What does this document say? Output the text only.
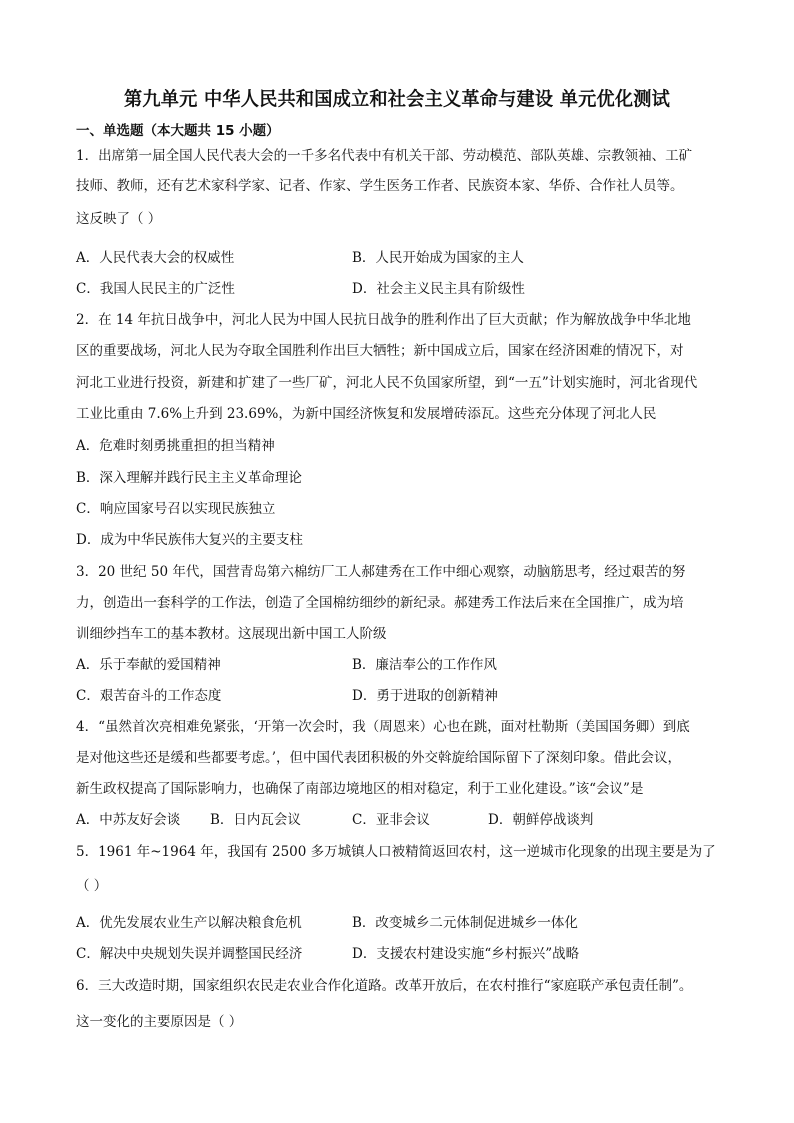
第九单元 中华人民共和国成立和社会主义革命与建设 单元优化测试
一、单选题（本大题共 15 小题）
1．出席第一届全国人民代表大会的一千多名代表中有机关干部、劳动模范、部队英雄、宗教领袖、工矿
技师、教师，还有艺术家科学家、记者、作家、学生医务工作者、民族资本家、华侨、合作社人员等。
这反映了（ ）
A．人民代表大会的权威性	B．人民开始成为国家的主人
C．我国人民民主的广泛性	D．社会主义民主具有阶级性
2．在 14 年抗日战争中，河北人民为中国人民抗日战争的胜利作出了巨大贡献；作为解放战争中华北地
区的重要战场，河北人民为夺取全国胜利作出巨大牺牲；新中国成立后，国家在经济困难的情况下，对
河北工业进行投资，新建和扩建了一些厂矿，河北人民不负国家所望，到“一五”计划实施时，河北省现代
工业比重由 7.6%上升到 23.69%，为新中国经济恢复和发展增砖添瓦。这些充分体现了河北人民
A．危难时刻勇挑重担的担当精神
B．深入理解并践行民主主义革命理论
C．响应国家号召以实现民族独立
D．成为中华民族伟大复兴的主要支柱
3．20 世纪 50 年代，国营青岛第六棉纺厂工人郝建秀在工作中细心观察，动脑筋思考，经过艰苦的努
力，创造出一套科学的工作法，创造了全国棉纺细纱的新纪录。郝建秀工作法后来在全国推广，成为培
训细纱挡车工的基本教材。这展现出新中国工人阶级
A．乐于奉献的爱国精神	B．廉洁奉公的工作作风
C．艰苦奋斗的工作态度	D．勇于进取的创新精神
4．“虽然首次亮相难免紧张，‘开第一次会时，我（周恩来）心也在跳，面对杜勒斯（美国国务卿）到底
是对他这些还是缓和些都要考虑。’，但中国代表团积极的外交斡旋给国际留下了深刻印象。借此会议，
新生政权提高了国际影响力，也确保了南部边境地区的相对稳定，利于工业化建设。”该“会议”是
A．中苏友好会谈 B．日内瓦会议	C．亚非会议	D．朝鲜停战谈判
5．1961 年~1964 年，我国有 2500 多万城镇人口被精简返回农村，这一逆城市化现象的出现主要是为了
（ ）
A．优先发展农业生产以解决粮食危机	B．改变城乡二元体制促进城乡一体化
C．解决中央规划失误并调整国民经济	D．支援农村建设实施“乡村振兴”战略
6．三大改造时期，国家组织农民走农业合作化道路。改革开放后，在农村推行“家庭联产承包责任制”。
这一变化的主要原因是（ ）
